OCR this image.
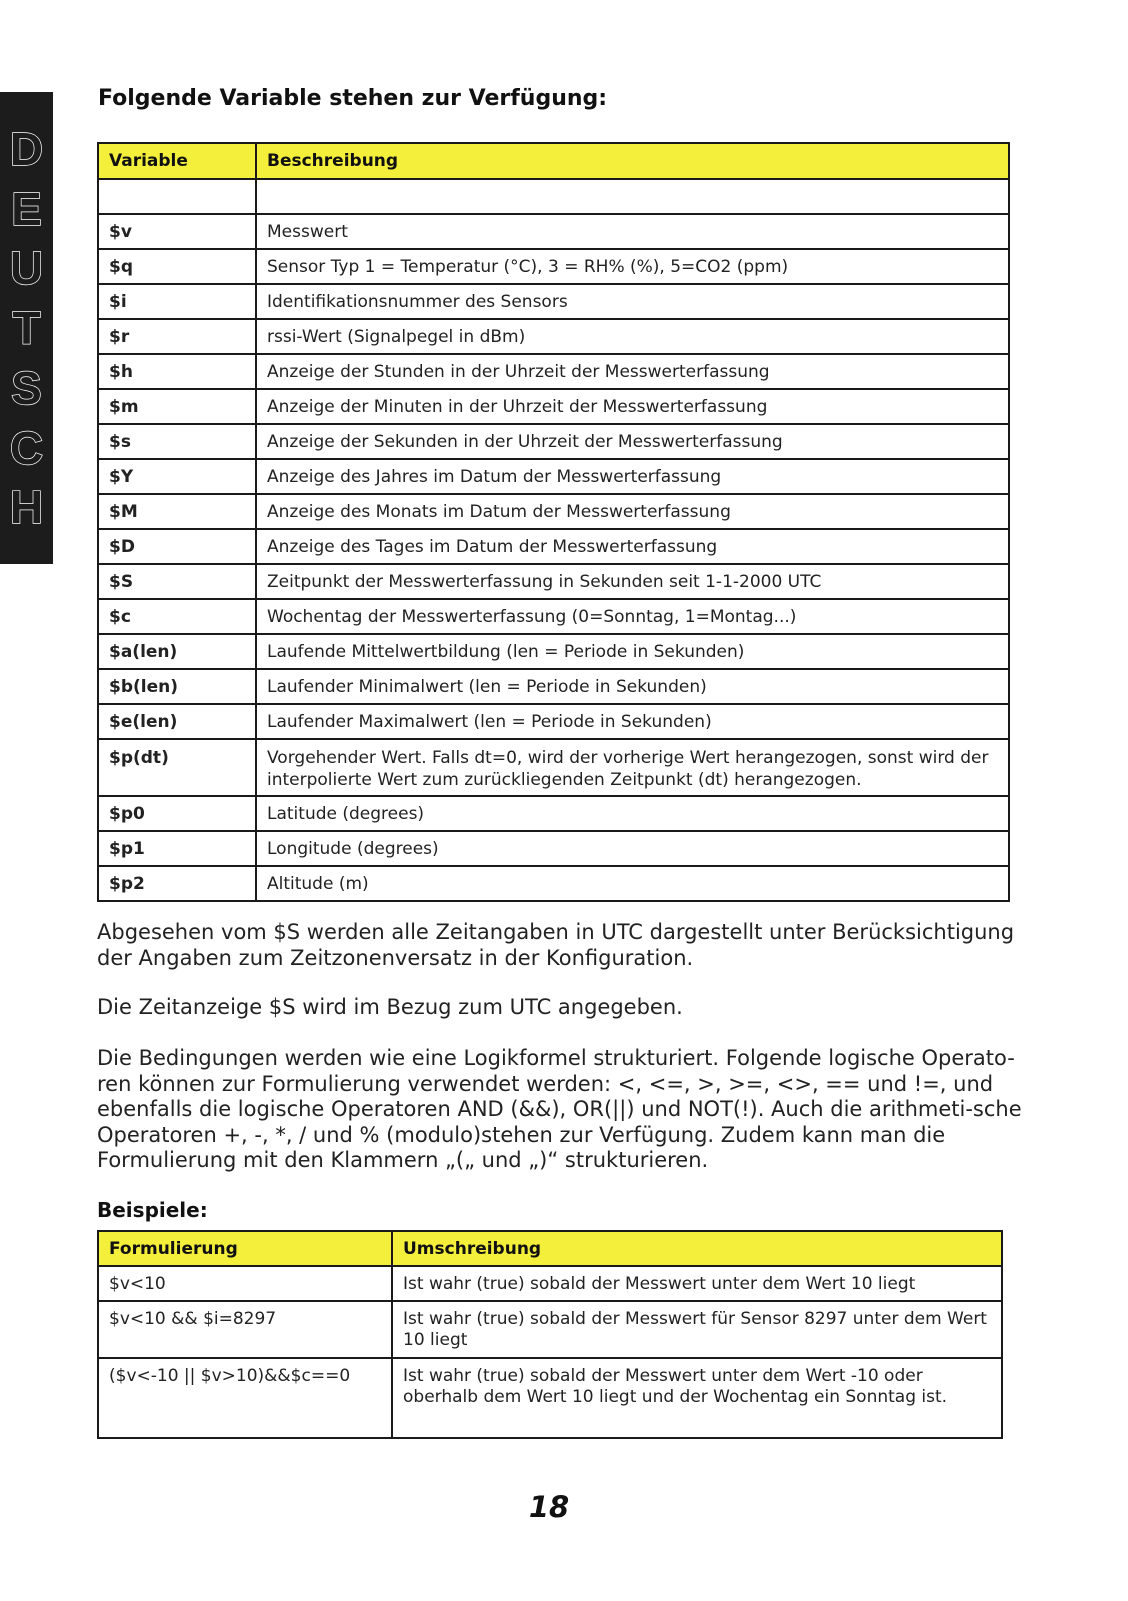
D
E
U
T
S
C
H
Folgende Variable stehen zur Verfügung:
Variable	Beschreibung

$v	Messwert
$q	Sensor Typ 1 = Temperatur (°C), 3 = RH% (%), 5=CO2 (ppm)
$i	Identifikationsnummer des Sensors
$r	rssi-Wert (Signalpegel in dBm)
$h	Anzeige der Stunden in der Uhrzeit der Messwerterfassung
$m	Anzeige der Minuten in der Uhrzeit der Messwerterfassung
$s	Anzeige der Sekunden in der Uhrzeit der Messwerterfassung
$Y	Anzeige des Jahres im Datum der Messwerterfassung
$M	Anzeige des Monats im Datum der Messwerterfassung
$D	Anzeige des Tages im Datum der Messwerterfassung
$S	Zeitpunkt der Messwerterfassung in Sekunden seit 1-1-2000 UTC
$c	Wochentag der Messwerterfassung (0=Sonntag, 1=Montag...)
$a(len)	Laufende Mittelwertbildung (len = Periode in Sekunden)
$b(len)	Laufender Minimalwert (len = Periode in Sekunden)
$e(len)	Laufender Maximalwert (len = Periode in Sekunden)
$p(dt)	Vorgehender Wert. Falls dt=0, wird der vorherige Wert herangezogen, sonst wird der interpolierte Wert zum zurückliegenden Zeitpunkt (dt) herangezogen.
$p0	Latitude (degrees)
$p1	Longitude (degrees)
$p2	Altitude (m)

Abgesehen vom $S werden alle Zeitangaben in UTC dargestellt unter Berücksichtigung der Angaben zum Zeitzonenversatz in der Konfiguration.

Die Zeitanzeige $S wird im Bezug zum UTC angegeben.

Die Bedingungen werden wie eine Logikformel strukturiert. Folgende logische Operato-ren können zur Formulierung verwendet werden: <, <=, >, >=, <>, == und !=, und ebenfalls die logische Operatoren AND (&&), OR(||) und NOT(!). Auch die arithmeti-sche Operatoren +, -, *, / und % (modulo)stehen zur Verfügung. Zudem kann man die Formulierung mit den Klammern „(„ und „)“ strukturieren.

Beispiele:
Formulierung	Umschreibung
$v<10	Ist wahr (true) sobald der Messwert unter dem Wert 10 liegt
$v<10 && $i=8297	Ist wahr (true) sobald der Messwert für Sensor 8297 unter dem Wert 10 liegt
($v<-10 || $v>10)&&$c==0	Ist wahr (true) sobald der Messwert unter dem Wert -10 oder oberhalb dem Wert 10 liegt und der Wochentag ein Sonntag ist.
18
